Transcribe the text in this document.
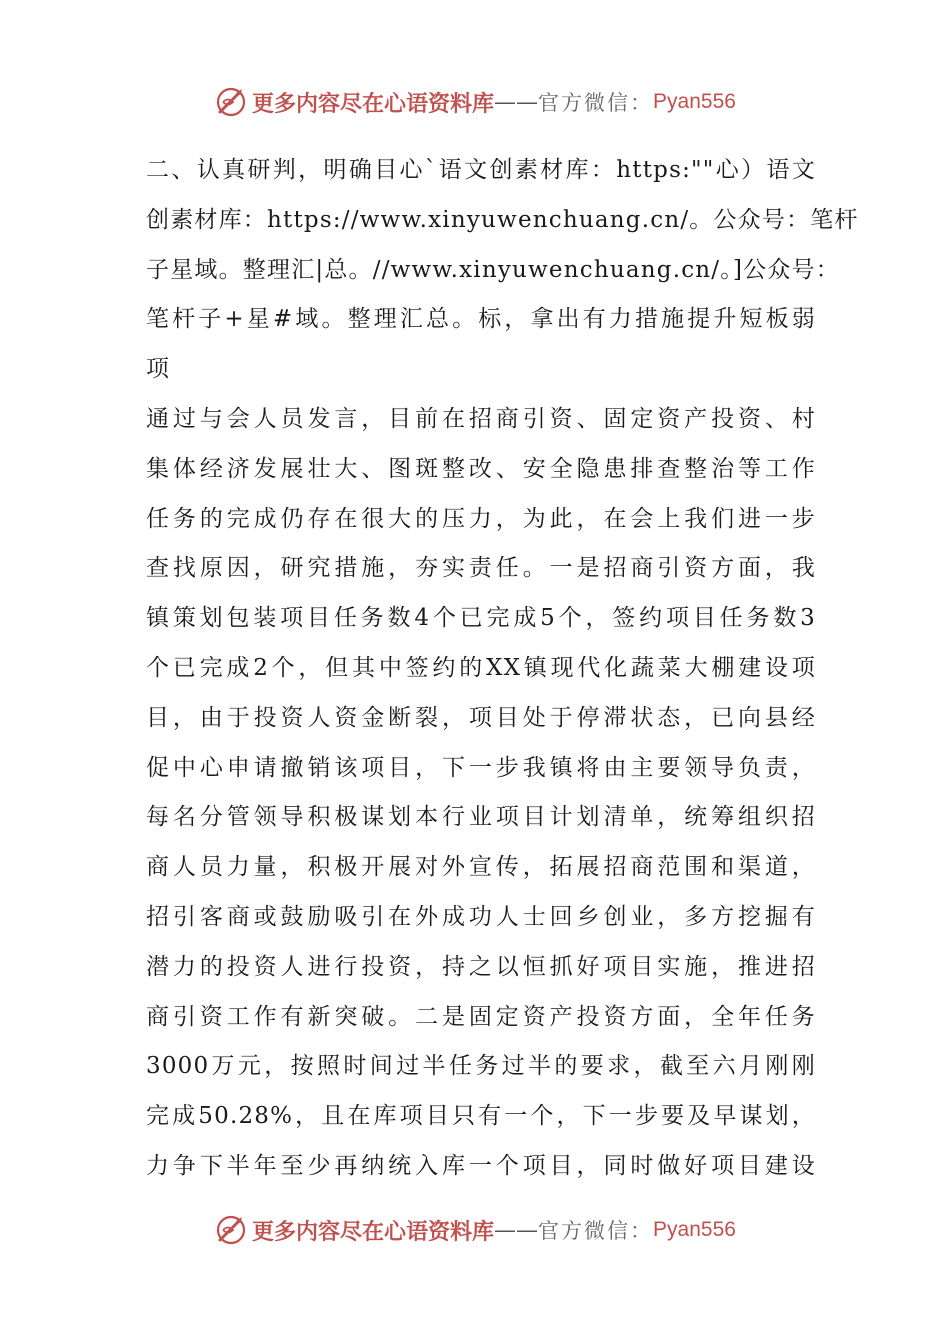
更多内容尽在心语资料库 —— 官方微信： Pyan556
二、认真研判，明确目心`语文创素材库：https:""心）语文
创素材库：https://www.xinyuwenchuang.cn/。公众号：笔杆
子星域。整理汇|总。//www.xinyuwenchuang.cn/。]公众号：
笔杆子+星#域。整理汇总。标，拿出有力措施提升短板弱
项
通过与会人员发言，目前在招商引资、固定资产投资、村
集体经济发展壮大、图斑整改、安全隐患排查整治等工作
任务的完成仍存在很大的压力，为此，在会上我们进一步
查找原因，研究措施，夯实责任。一是招商引资方面，我
镇策划包装项目任务数4个已完成5个，签约项目任务数3
个已完成2个，但其中签约的XX镇现代化蔬菜大棚建设项
目，由于投资人资金断裂，项目处于停滞状态，已向县经
促中心申请撤销该项目，下一步我镇将由主要领导负责，
每名分管领导积极谋划本行业项目计划清单，统筹组织招
商人员力量，积极开展对外宣传，拓展招商范围和渠道，
招引客商或鼓励吸引在外成功人士回乡创业，多方挖掘有
潜力的投资人进行投资，持之以恒抓好项目实施，推进招
商引资工作有新突破。二是固定资产投资方面，全年任务
3000万元，按照时间过半任务过半的要求，截至六月刚刚
完成50.28%，且在库项目只有一个，下一步要及早谋划，
力争下半年至少再纳统入库一个项目，同时做好项目建设
更多内容尽在心语资料库 —— 官方微信： Pyan556
